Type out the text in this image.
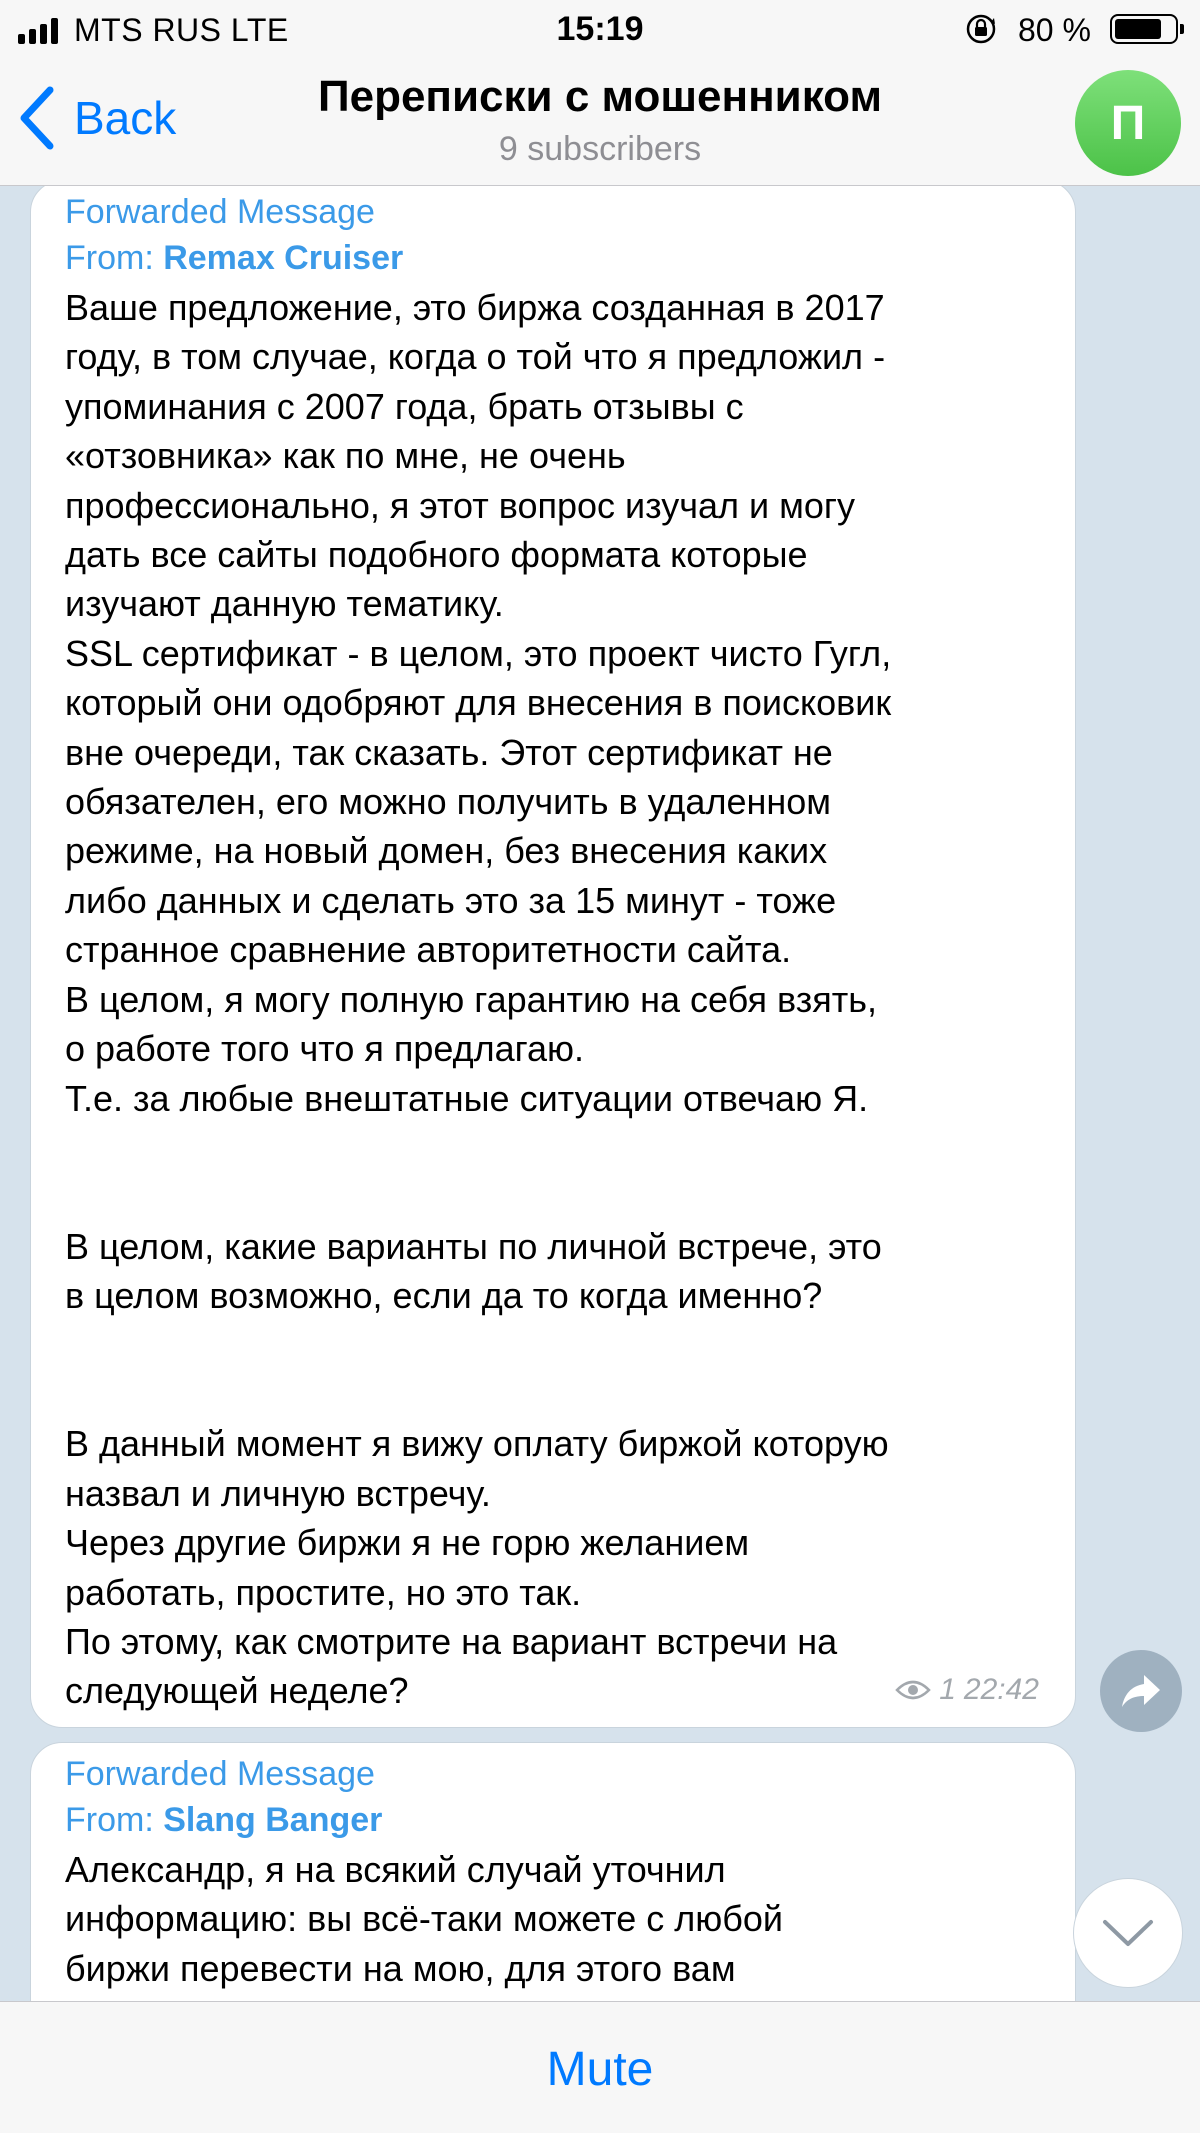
MTS RUS LTE	15:19	80 %
Back	Переписки с мошенником
9 subscribers	П
Forwarded Message
From: Remax Cruiser
Ваше предложение, это биржа созданная в 2017
году, в том случае, когда о той что я предложил -
упоминания с 2007 года, брать отзывы с
«отзовника» как по мне, не очень
профессионально, я этот вопрос изучал и могу
дать все сайты подобного формата которые
изучают данную тематику.
SSL сертификат - в целом, это проект чисто Гугл,
который они одобряют для внесения в поисковик
вне очереди, так сказать. Этот сертификат не
обязателен, его можно получить в удаленном
режиме, на новый домен, без внесения каких
либо данных и сделать это за 15 минут - тоже
странное сравнение авторитетности сайта.
В целом, я могу полную гарантию на себя взять,
о работе того что я предлагаю.
Т.е. за любые внештатные ситуации отвечаю Я.

В целом, какие варианты по личной встрече, это
в целом возможно, если да то когда именно?

В данный момент я вижу оплату биржой которую
назвал и личную встречу.
Через другие биржи я не горю желанием
работать, простите, но это так.
По этому, как смотрите на вариант встречи на
следующей неделе?	1 22:42
Forwarded Message
From: Slang Banger
Александр, я на всякий случай уточнил
информацию: вы всё-таки можете с любой
биржи перевести на мою, для этого вам
Mute
